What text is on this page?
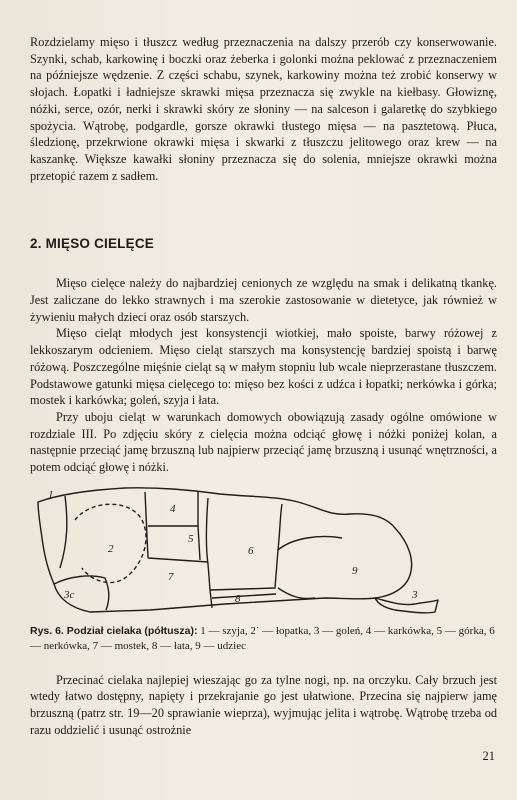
Rozdzielamy mięso i tłuszcz według przeznaczenia na dalszy przerób czy konserwowanie. Szynki, schab, karkowinę i boczki oraz żeberka i golonki można peklować z przeznaczeniem na późniejsze wędzenie. Z części schabu, szynek, karkowiny można też zrobić konserwy w słojach. Łopatki i ładniejsze skrawki mięsa przeznacza się zwykle na kiełbasy. Głowiznę, nóżki, serce, ozór, nerki i skrawki skóry ze słoniny — na salceson i galaretkę do szybkiego spożycia. Wątrobę, podgardle, gorsze okrawki tłustego mięsa — na pasztetową. Płuca, śledzionę, przekrwione okrawki mięsa i skwarki z tłuszczu jelitowego oraz krew — na kaszankę. Większe kawałki słoniny przeznacza się do solenia, mniejsze okrawki można przetopić razem z sadłem.

2. MIĘSO CIELĘCE

Mięso cielęce należy do najbardziej cenionych ze względu na smak i delikatną tkankę. Jest zaliczane do lekko strawnych i ma szerokie zastosowanie w dietetyce, jak również w żywieniu małych dzieci oraz osób starszych.

Mięso cieląt młodych jest konsystencji wiotkiej, mało spoiste, barwy różowej z lekkoszarym odcieniem. Mięso cieląt starszych ma konsystencję bardziej spoistą i barwę różową. Poszczególne mięśnie cieląt są w małym stopniu lub wcale nieprzerastane tłuszczem. Podstawowe gatunki mięsa cielęcego to: mięso bez kości z udźca i łopatki; nerkówka i górka; mostek i karkówka; goleń, szyja i łata.

Przy uboju cieląt w warunkach domowych obowiązują zasady ogólne omówione w rozdziale III. Po zdjęciu skóry z cielęcia można odciąć głowę i nóżki poniżej kolan, a następnie przeciąć jamę brzuszną lub najpierw przeciąć jamę brzuszną i usunąć wnętrzności, a potem odciąć głowę i nóżki.

1
2
4
5
6
7
8
9
3
3c

Rys. 6. Podział cielaka (półtusza): 1 — szyja, 2˙ — łopatka, 3 — goleń, 4 — karkówka, 5 — górka, 6 — nerkówka, 7 — mostek, 8 — łata, 9 — udziec

Przecinać cielaka najlepiej wieszając go za tylne nogi, np. na orczyku. Cały brzuch jest wtedy łatwo dostępny, napięty i przekrajanie go jest ułatwione. Przecina się najpierw jamę brzuszną (patrz str. 19—20 sprawianie wieprza), wyjmując jelita i wątrobę. Wątrobę trzeba od razu oddzielić i usunąć ostrożnie

21
